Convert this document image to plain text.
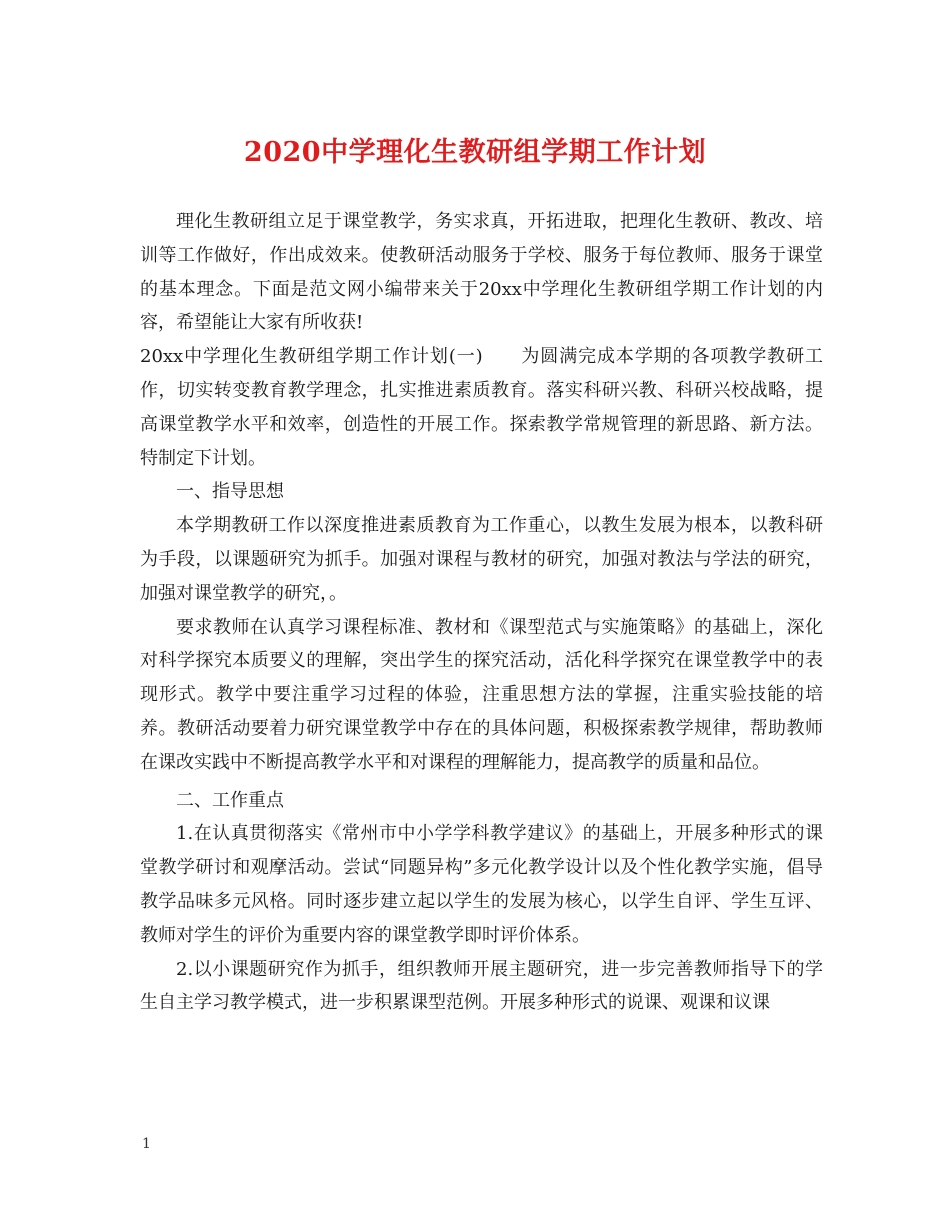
2020中学理化生教研组学期工作计划

理化生教研组立足于课堂教学，务实求真，开拓进取，把理化生教研、教改、培训等工作做好，作出成效来。使教研活动服务于学校、服务于每位教师、服务于课堂的基本理念。下面是范文网小编带来关于20xx中学理化生教研组学期工作计划的内容，希望能让大家有所收获!

20xx中学理化生教研组学期工作计划(一)　　为圆满完成本学期的各项教学教研工作，切实转变教育教学理念，扎实推进素质教育。落实科研兴教、科研兴校战略，提高课堂教学水平和效率，创造性的开展工作。探索教学常规管理的新思路、新方法。特制定下计划。

一、指导思想

本学期教研工作以深度推进素质教育为工作重心，以教生发展为根本，以教科研为手段，以课题研究为抓手。加强对课程与教材的研究，加强对教法与学法的研究，加强对课堂教学的研究，。

要求教师在认真学习课程标准、教材和《课型范式与实施策略》的基础上，深化对科学探究本质要义的理解，突出学生的探究活动，活化科学探究在课堂教学中的表现形式。教学中要注重学习过程的体验，注重思想方法的掌握，注重实验技能的培养。教研活动要着力研究课堂教学中存在的具体问题，积极探索教学规律，帮助教师在课改实践中不断提高教学水平和对课程的理解能力，提高教学的质量和品位。

二、工作重点

1.在认真贯彻落实《常州市中小学学科教学建议》的基础上，开展多种形式的课堂教学研讨和观摩活动。尝试“同题异构”多元化教学设计以及个性化教学实施，倡导教学品味多元风格。同时逐步建立起以学生的发展为核心，以学生自评、学生互评、教师对学生的评价为重要内容的课堂教学即时评价体系。

2.以小课题研究作为抓手，组织教师开展主题研究，进一步完善教师指导下的学生自主学习教学模式，进一步积累课型范例。开展多种形式的说课、观课和议课

1
